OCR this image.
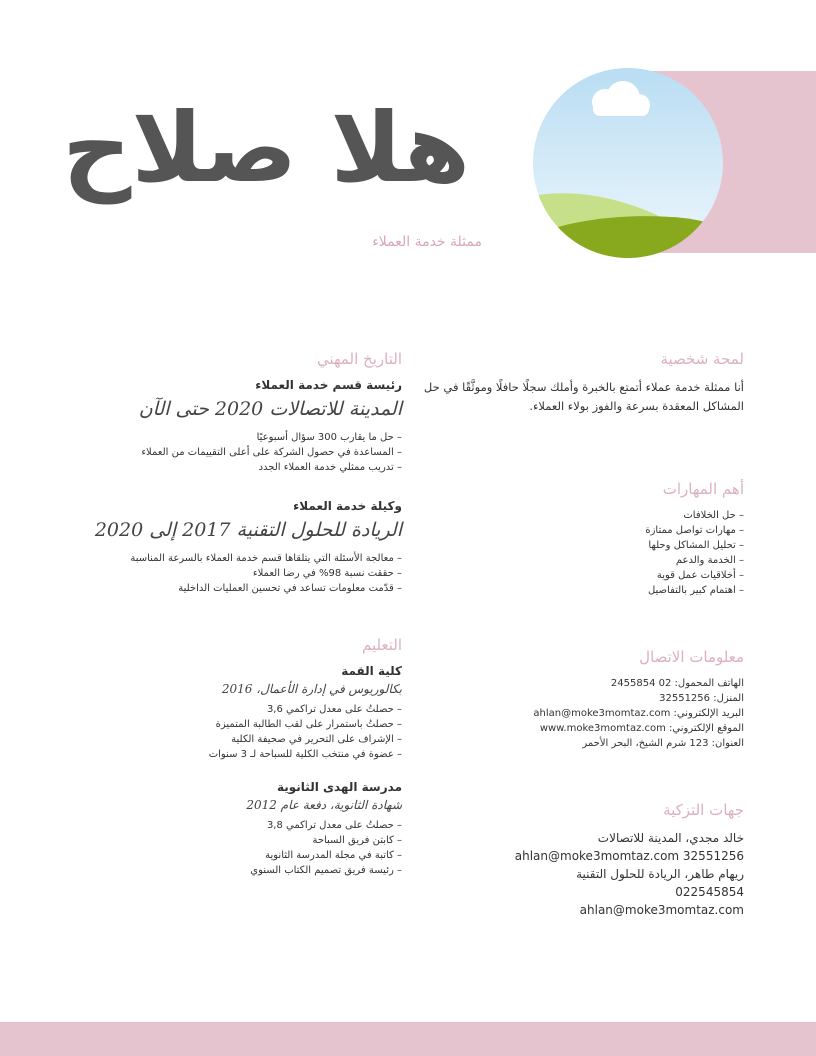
هلا صلاح
ممثلة خدمة العملاء
لمحة شخصية
أنا ممثلة خدمة عملاء أتمتع بالخبرة وأملك سجلًا حافلًا وموثَّقًا في حل المشاكل المعقدة بسرعة والفوز بولاء العملاء.
أهم المهارات
– حل الخلافات
– مهارات تواصل ممتازة
– تحليل المشاكل وحلها
– الخدمة والدعم
– أخلاقيات عمل قوية
– اهتمام كبير بالتفاصيل
معلومات الاتصال
الهاتف المحمول: 02 2455854
المنزل: 32551256
البريد الإلكتروني: ahlan@moke3momtaz.com
الموقع الإلكتروني: www.moke3momtaz.com
العنوان: 123 شرم الشيخ، البحر الأحمر
جهات التزكية
خالد مجدي، المدينة للاتصالات
ahlan@moke3momtaz.com 32551256
ريهام طاهر، الريادة للحلول التقنية
022545854
ahlan@moke3momtaz.com
التاريخ المهني
رئيسة قسم خدمة العملاء
المدينة للاتصالات 2020 حتى الآن
– حل ما يقارب 300 سؤال أسبوعيًا
– المساعدة في حصول الشركة على أعلى التقييمات من العملاء
– تدريب ممثلي خدمة العملاء الجدد
وكيلة خدمة العملاء
الريادة للحلول التقنية 2017 إلى 2020
– معالجة الأسئلة التي يتلقاها قسم خدمة العملاء بالسرعة المناسبة
– حققت نسبة 98% في رضا العملاء
– قدّمت معلومات تساعد في تحسين العمليات الداخلية
التعليم
كلية القمة
بكالوريوس في إدارة الأعمال، 2016
– حصلتُ على معدل تراكمي 3,6
– حصلتُ باستمرار على لقب الطالبة المتميزة
– الإشراف على التحرير في صحيفة الكلية
– عضوة في منتخب الكلية للسباحة لـ 3 سنوات
مدرسة الهدى الثانوية
شهادة الثانوية، دفعة عام 2012
– حصلتُ على معدل تراكمي 3,8
– كابتن فريق السباحة
– كاتبة في مجلة المدرسة الثانوية
– رئيسة فريق تصميم الكتاب السنوي
